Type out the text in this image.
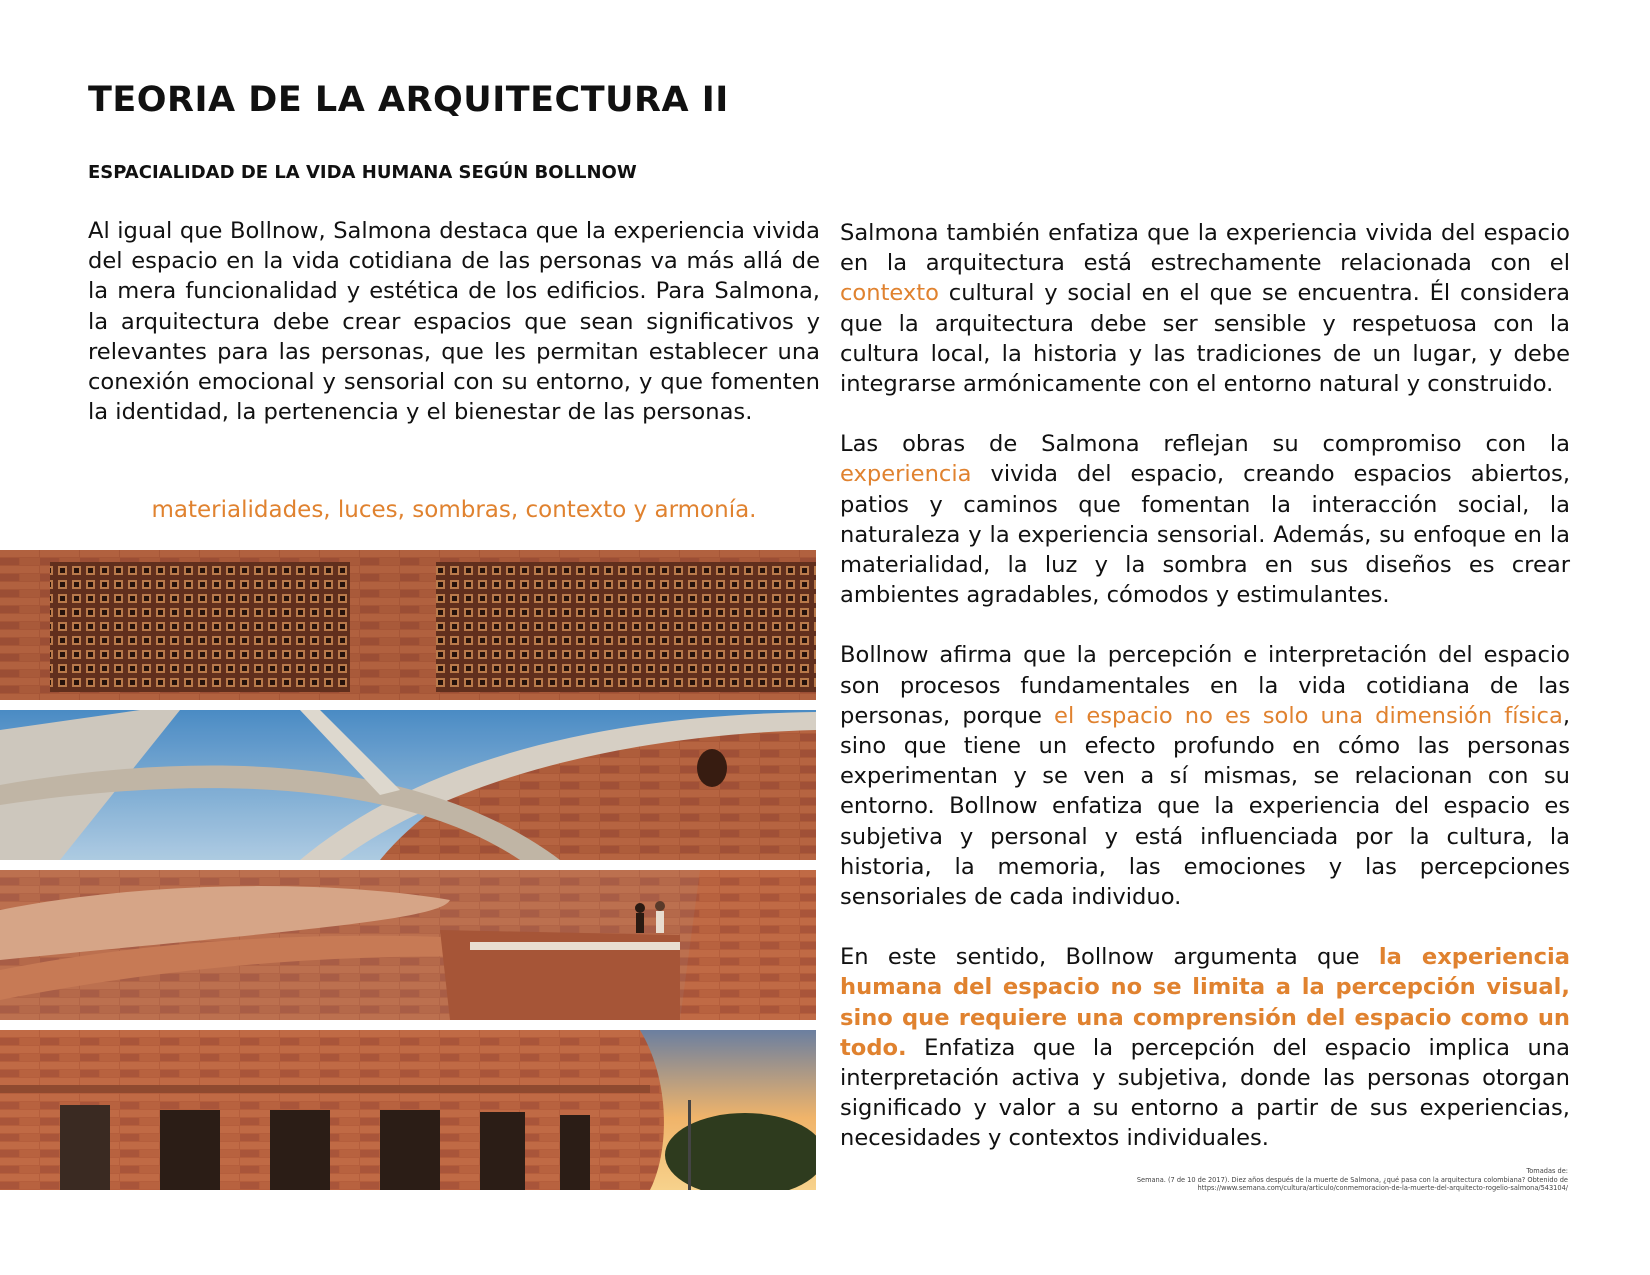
TEORIA DE LA ARQUITECTURA II
ESPACIALIDAD DE LA VIDA HUMANA SEGÚN BOLLNOW

Al igual que Bollnow, Salmona destaca que la experiencia vivida del espacio en la vida cotidiana de las personas va más allá de la mera funcionalidad y estética de los edificios. Para Salmona, la arquitectura debe crear espacios que sean significativos y relevantes para las personas, que les permitan establecer una conexión emocional y sensorial con su entorno, y que fomenten la identidad, la pertenencia y el bienestar de las personas.

materialidades, luces, sombras, contexto y armonía.

Salmona también enfatiza que la experiencia vivida del espacio en la arquitectura está estrechamente relacionada con el contexto cultural y social en el que se encuentra. Él considera que la arquitectura debe ser sensible y respetuosa con la cultura local, la historia y las tradiciones de un lugar, y debe integrarse armónicamente con el entorno natural y construido.

Las obras de Salmona reflejan su compromiso con la experiencia vivida del espacio, creando espacios abiertos, patios y caminos que fomentan la interacción social, la naturaleza y la experiencia sensorial. Además, su enfoque en la materialidad, la luz y la sombra en sus diseños es crear ambientes agradables, cómodos y estimulantes.

Bollnow afirma que la percepción e interpretación del espacio son procesos fundamentales en la vida cotidiana de las personas, porque el espacio no es solo una dimensión física, sino que tiene un efecto profundo en cómo las personas experimentan y se ven a sí mismas, se relacionan con su entorno. Bollnow enfatiza que la experiencia del espacio es subjetiva y personal y está influenciada por la cultura, la historia, la memoria, las emociones y las percepciones sensoriales de cada individuo.

En este sentido, Bollnow argumenta que la experiencia humana del espacio no se limita a la percepción visual, sino que requiere una comprensión del espacio como un todo. Enfatiza que la percepción del espacio implica una interpretación activa y subjetiva, donde las personas otorgan significado y valor a su entorno a partir de sus experiencias, necesidades y contextos individuales.

Tomadas de:
Semana. (7 de 10 de 2017). Diez años después de la muerte de Salmona, ¿qué pasa con la arquitectura colombiana? Obtenido de
https://www.semana.com/cultura/articulo/conmemoracion-de-la-muerte-del-arquitecto-rogelio-salmona/543104/
